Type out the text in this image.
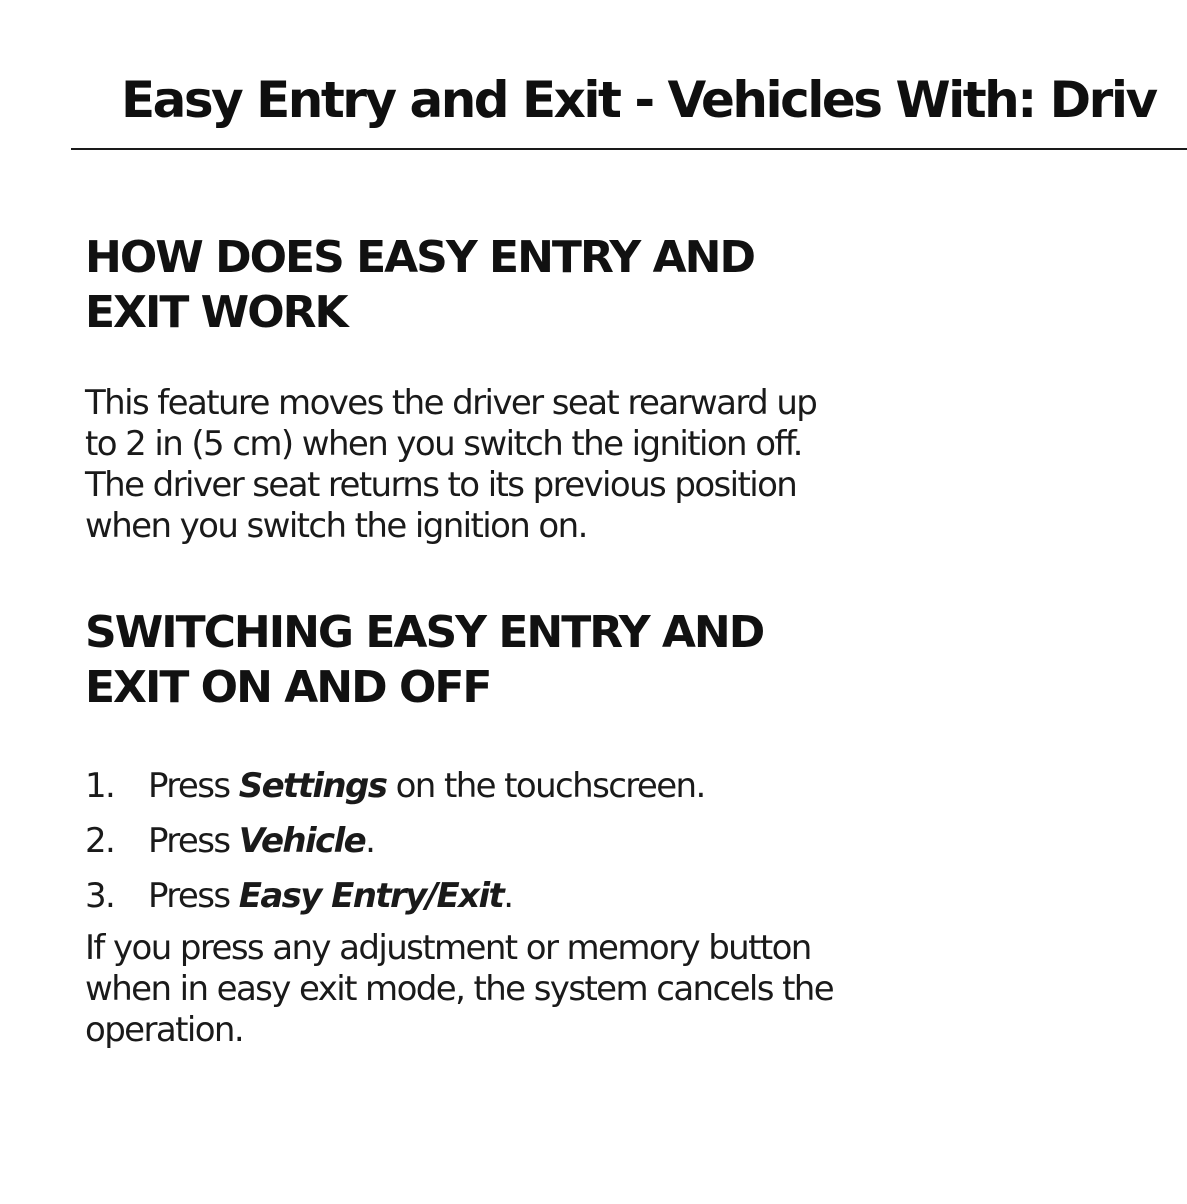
Easy Entry and Exit - Vehicles With: Driv
HOW DOES EASY ENTRY AND
EXIT WORK

This feature moves the driver seat rearward up to 2 in (5 cm) when you switch the ignition off. The driver seat returns to its previous position when you switch the ignition on.

SWITCHING EASY ENTRY AND
EXIT ON AND OFF
1. Press Settings on the touchscreen.
2. Press Vehicle.
3. Press Easy Entry/Exit.

If you press any adjustment or memory button when in easy exit mode, the system cancels the operation.
